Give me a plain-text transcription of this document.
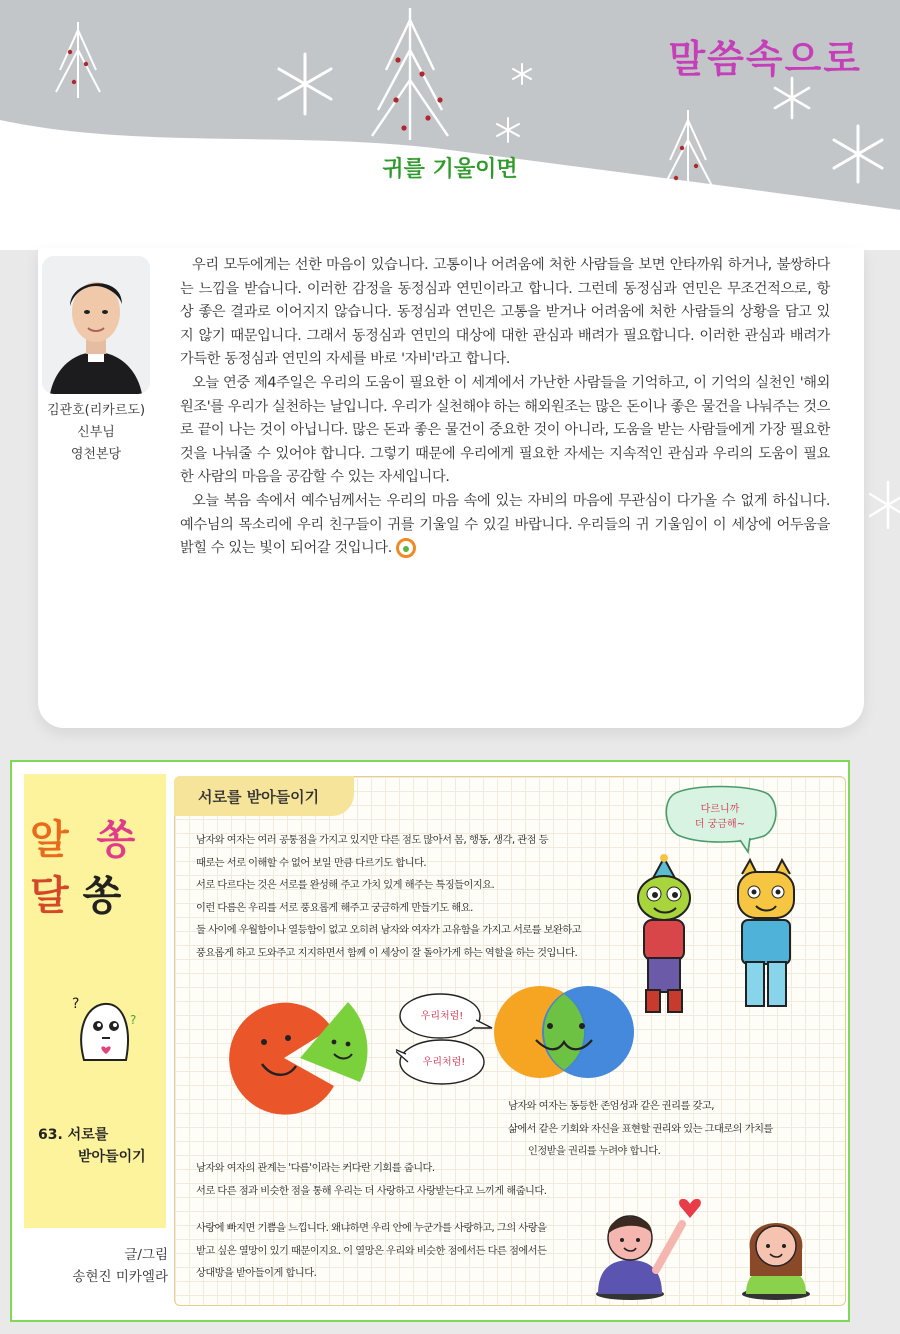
말씀속으로
귀를 기울이면
김관호(리카르도)
신부님
영천본당

우리 모두에게는 선한 마음이 있습니다. 고통이나 어려움에 처한 사람들을 보면 안타까워 하거나, 불쌍하다는 느낌을 받습니다. 이러한 감정을 동정심과 연민이라고 합니다. 그런데 동정심과 연민은 무조건적으로, 항상 좋은 결과로 이어지지 않습니다. 동정심과 연민은 고통을 받거나 어려움에 처한 사람들의 상황을 담고 있지 않기 때문입니다. 그래서 동정심과 연민의 대상에 대한 관심과 배려가 필요합니다. 이러한 관심과 배려가 가득한 동정심과 연민의 자세를 바로 '자비'라고 합니다.

오늘 연중 제4주일은 우리의 도움이 필요한 이 세계에서 가난한 사람들을 기억하고, 이 기억의 실천인 '해외 원조'를 우리가 실천하는 날입니다. 우리가 실천해야 하는 해외원조는 많은 돈이나 좋은 물건을 나눠주는 것으로 끝이 나는 것이 아닙니다. 많은 돈과 좋은 물건이 중요한 것이 아니라, 도움을 받는 사람들에게 가장 필요한 것을 나눠줄 수 있어야 합니다. 그렇기 때문에 우리에게 필요한 자세는 지속적인 관심과 우리의 도움이 필요한 사람의 마음을 공감할 수 있는 자세입니다.

오늘 복음 속에서 예수님께서는 우리의 마음 속에 있는 자비의 마음에 무관심이 다가올 수 없게 하십니다. 예수님의 목소리에 우리 친구들이 귀를 기울일 수 있길 바랍니다. 우리들의 귀 기울임이 이 세상에 어두움을 밝힐 수 있는 빛이 되어갈 것입니다.

알 쏭
달 쏭
?
?
63. 서로를
받아들이기
글/그림
송현진 미카엘라
서로를 받아들이기
남자와 여자는 여러 공통점을 가지고 있지만 다른 점도 많아서 몸, 행동, 생각, 관점 등
때로는 서로 이해할 수 없어 보일 만큼 다르기도 합니다.
서로 다르다는 것은 서로를 완성해 주고 가치 있게 해주는 특징들이지요.
이런 다름은 우리를 서로 풍요롭게 해주고 궁금하게 만들기도 해요.
둘 사이에 우월함이나 열등함이 없고 오히려 남자와 여자가 고유함을 가지고 서로를 보완하고
풍요롭게 하고 도와주고 지지하면서 함께 이 세상이 잘 돌아가게 하는 역할을 하는 것입니다.
다르니까
더 궁금해~
우리처럼!
우리처럼!
남자와 여자는 동등한 존엄성과 같은 권리를 갖고,
삶에서 같은 기회와 자신을 표현할 권리와 있는 그대로의 가치를
인정받을 권리를 누려야 합니다.
남자와 여자의 관계는 '다름'이라는 커다란 기회를 줍니다.
서로 다른 점과 비슷한 점을 통해 우리는 더 사랑하고 사랑받는다고 느끼게 해줍니다.
사랑에 빠지면 기쁨을 느낍니다. 왜냐하면 우리 안에 누군가를 사랑하고, 그의 사랑을
받고 싶은 열망이 있기 때문이지요. 이 열망은 우리와 비슷한 점에서든 다른 점에서든
상대방을 받아들이게 합니다.
